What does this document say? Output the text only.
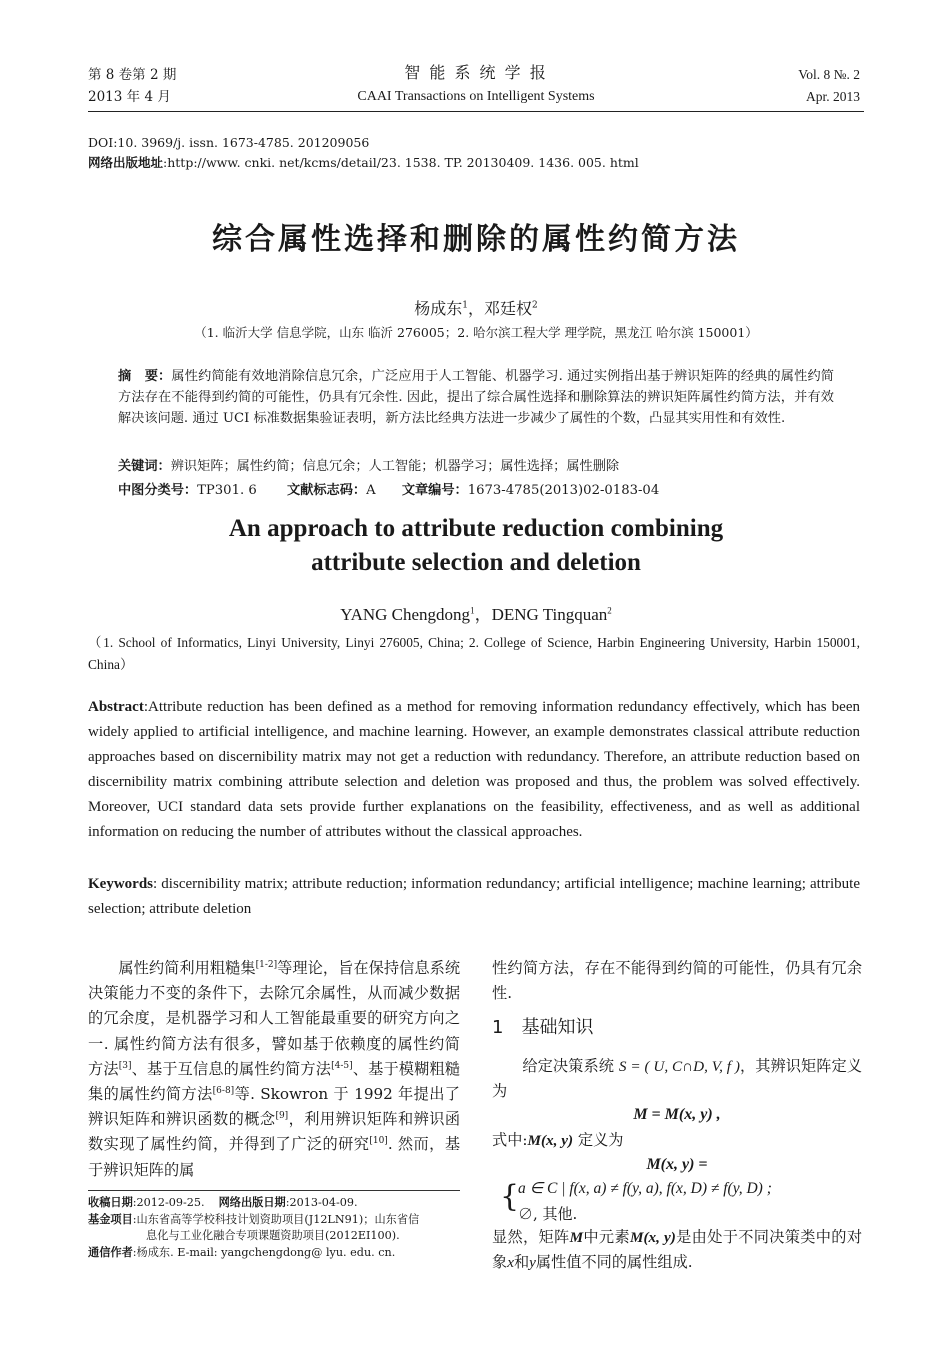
第 8 卷第 2 期
2013 年 4 月
智 能 系 统 学 报
CAAI Transactions on Intelligent Systems
Vol. 8 №. 2
Apr. 2013
DOI:10. 3969/j. issn. 1673-4785. 201209056
网络出版地址:http://www. cnki. net/kcms/detail/23. 1538. TP. 20130409. 1436. 005. html
综合属性选择和删除的属性约简方法
杨成东$^1$，邓廷权$^2$
（1. 临沂大学 信息学院，山东 临沂 276005；2. 哈尔滨工程大学 理学院，黑龙江 哈尔滨 150001）
摘　要：属性约简能有效地消除信息冗余，广泛应用于人工智能、机器学习. 通过实例指出基于辨识矩阵的经典的属性约简方法存在不能得到约简的可能性，仍具有冗余性. 因此，提出了综合属性选择和删除算法的辨识矩阵属性约简方法，并有效解决该问题. 通过 UCI 标准数据集验证表明，新方法比经典方法进一步减少了属性的个数，凸显其实用性和有效性.
关键词：辨识矩阵；属性约简；信息冗余；人工智能；机器学习；属性选择；属性删除
中图分类号：TP301. 6 文献标志码：A 文章编号：1673-4785(2013)02-0183-04
An approach to attribute reduction combining
attribute selection and deletion
YANG Chengdong$^1$，DENG Tingquan$^2$
（1. School of Informatics, Linyi University, Linyi 276005, China; 2. College of Science, Harbin Engineering University, Harbin 150001, China）
Abstract:Attribute reduction has been defined as a method for removing information redundancy effectively, which has been widely applied to artificial intelligence, and machine learning. However, an example demonstrates classical attribute reduction approaches based on discernibility matrix may not get a reduction with redundancy. Therefore, an attribute reduction based on discernibility matrix combining attribute selection and deletion was proposed and thus, the problem was solved effectively. Moreover, UCI standard data sets provide further explanations on the feasibility, effectiveness, and as well as additional information on reducing the number of attributes without the classical approaches.
Keywords: discernibility matrix; attribute reduction; information redundancy; artificial intelligence; machine learning; attribute selection; attribute deletion
属性约简利用粗糙集[1-2]等理论，旨在保持信息系统决策能力不变的条件下，去除冗余属性，从而减少数据的冗余度，是机器学习和人工智能最重要的研究方向之一. 属性约简方法有很多，譬如基于依赖度的属性约简方法[3]、基于互信息的属性约简方法[4-5]、基于模糊粗糙集的属性约简方法[6-8]等. Skowron 于 1992 年提出了辨识矩阵和辨识函数的概念[9]，利用辨识矩阵和辨识函数实现了属性约简，并得到了广泛的研究[10]. 然而，基于辨识矩阵的属
收稿日期:2012-09-25. 网络出版日期:2013-04-09.
基金项目:山东省高等学校科技计划资助项目(J12LN91)；山东省信
息化与工业化融合专项课题资助项目(2012EI100).
通信作者:杨成东. E-mail: yangchengdong@ lyu. edu. cn.
性约简方法，存在不能得到约简的可能性，仍具有冗余性.
1 基础知识
给定决策系统 S = ( U, C∩D, V, f )，其辨识矩阵定义为
M = M(x, y) ,
式中:M(x, y) 定义为
M(x, y) =
{
a ∈ C | f(x, a) ≠ f(y, a), f(x, D) ≠ f(y, D) ;
∅, 其他.
显然，矩阵M中元素M(x, y)是由处于不同决策类中的对象x和y属性值不同的属性组成.
